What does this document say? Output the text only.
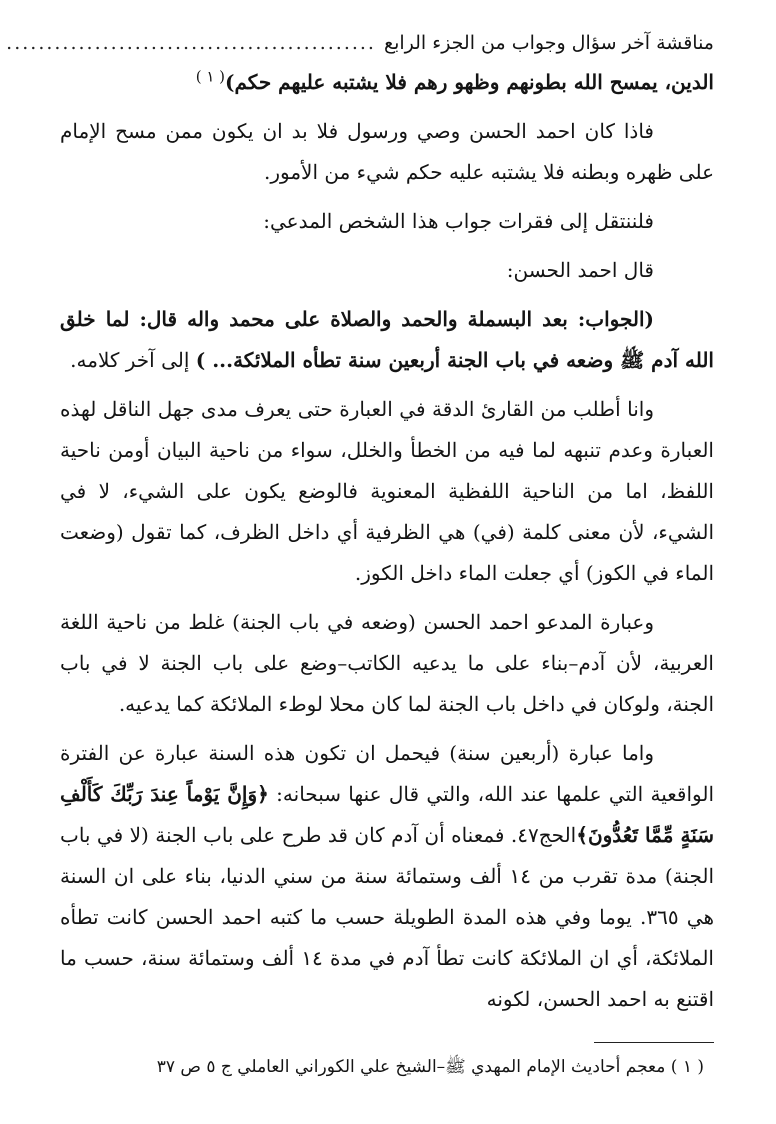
مناقشة آخر سؤال وجواب من الجزء الرابع
..............................................

الدين، يمسح الله بطونهم وظهو رهم فلا يشتبه عليهم حكم)$^{( ١ )}$

فاذا كان احمد الحسن وصي ورسول فلا بد ان يكون ممن مسح الإمام على ظهره وبطنه فلا يشتبه عليه حكم شيء من الأمور.

فلننتقل إلى فقرات جواب هذا الشخص المدعي:

قال احمد الحسن:

(الجواب: بعد البسملة والحمد والصلاة على محمد واله قال: لما خلق الله آدم ﷺ وضعه في باب الجنة أربعين سنة تطأه الملائكة... ) إلى آخر كلامه.

وانا أطلب من القارئ الدقة في العبارة حتى يعرف مدى جهل الناقل لهذه العبارة وعدم تنبهه لما فيه من الخطأ والخلل، سواء من ناحية البيان أومن ناحية اللفظ، اما من الناحية اللفظية المعنوية فالوضع يكون على الشيء، لا في الشيء، لأن معنى كلمة (في) هي الظرفية أي داخل الظرف، كما تقول (وضعت الماء في الكوز) أي جعلت الماء داخل الكوز.

وعبارة المدعو احمد الحسن (وضعه في باب الجنة) غلط من ناحية اللغة العربية، لأن آدم–بناء على ما يدعيه الكاتب–وضع على باب الجنة لا في باب الجنة، ولوكان في داخل باب الجنة لما كان محلا لوطء الملائكة كما يدعيه.

واما عبارة (أربعين سنة) فيحمل ان تكون هذه السنة عبارة عن الفترة الواقعية التي علمها عند الله، والتي قال عنها سبحانه: ﴿وَإِنَّ يَوْماً عِندَ رَبِّكَ كَأَلْفِ سَنَةٍ مِّمَّا تَعُدُّونَ﴾الحج٤٧. فمعناه أن آدم كان قد طرح على باب الجنة (لا في باب الجنة) مدة تقرب من ١٤ ألف وستمائة سنة من سني الدنيا، بناء على ان السنة هي ٣٦٥. يوما وفي هذه المدة الطويلة حسب ما كتبه احمد الحسن كانت تطأه الملائكة، أي ان الملائكة كانت تطأ آدم في مدة ١٤ ألف وستمائة سنة، حسب ما اقتنع به احمد الحسن، لكونه

( ١ ) معجم أحاديث الإمام المهدي ﷺ–الشيخ علي الكوراني العاملي ج ٥ ص ٣٧
